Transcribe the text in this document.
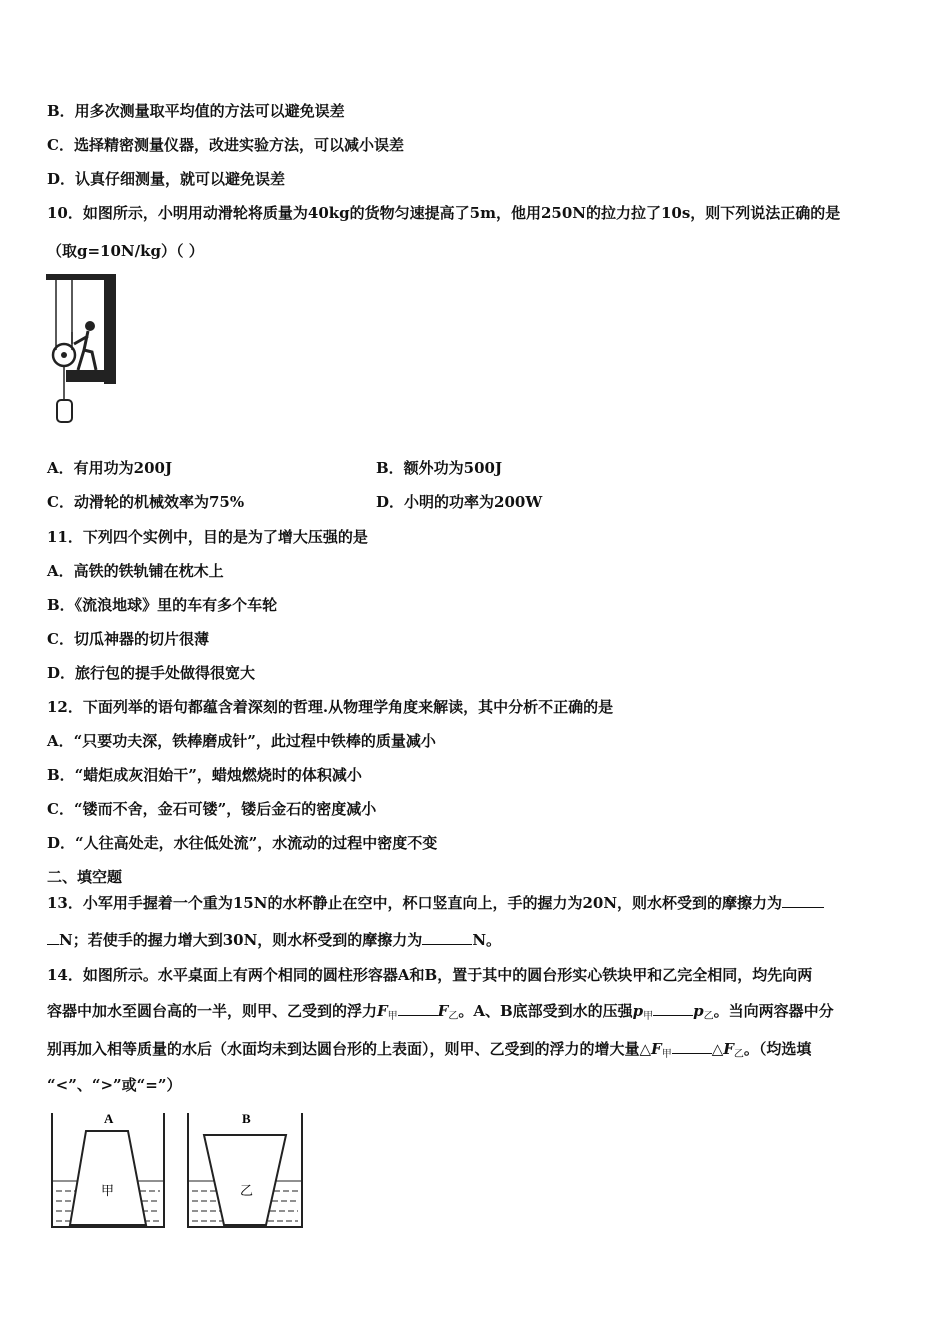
B．用多次测量取平均值的方法可以避免误差
C．选择精密测量仪器，改进实验方法，可以减小误差
D．认真仔细测量，就可以避免误差
10．如图所示，小明用动滑轮将质量为40kg的货物匀速提高了5m，他用250N的拉力拉了10s，则下列说法正确的是
（取g=10N/kg）（ ）
A．有用功为200J	B．额外功为500J
C．动滑轮的机械效率为75%	D．小明的功率为200W
11．下列四个实例中，目的是为了增大压强的是
A．高铁的铁轨铺在枕木上
B．《流浪地球》里的车有多个车轮
C．切瓜神器的切片很薄
D．旅行包的提手处做得很宽大
12．下面列举的语句都蕴含着深刻的哲理.从物理学角度来解读，其中分析不正确的是
A．“只要功夫深，铁棒磨成针”，此过程中铁棒的质量减小
B．“蜡炬成灰泪始干”，蜡烛燃烧时的体积减小
C．“镂而不舍，金石可镂”，镂后金石的密度减小
D．“人往高处走，水往低处流”，水流动的过程中密度不变
二、填空题
13．小军用手握着一个重为15N的水杯静止在空中，杯口竖直向上，手的握力为20N，则水杯受到的摩擦力为
N；若使手的握力增大到30N，则水杯受到的摩擦力为	N。
14．如图所示。水平桌面上有两个相同的圆柱形容器A和B，置于其中的圆台形实心铁块甲和乙完全相同，均先向两
容器中加水至圆台高的一半，则甲、乙受到的浮力$F_甲$	$F_乙$。A、B底部受到水的压强$p_甲$	$p_乙$。当向两容器中分
别再加入相等质量的水后（水面均未到达圆台形的上表面），则甲、乙受到的浮力的增大量$\triangle F_甲$	$\triangle F_乙$。（均选填
“<”、“>”或“=”）
A
甲
B
乙
